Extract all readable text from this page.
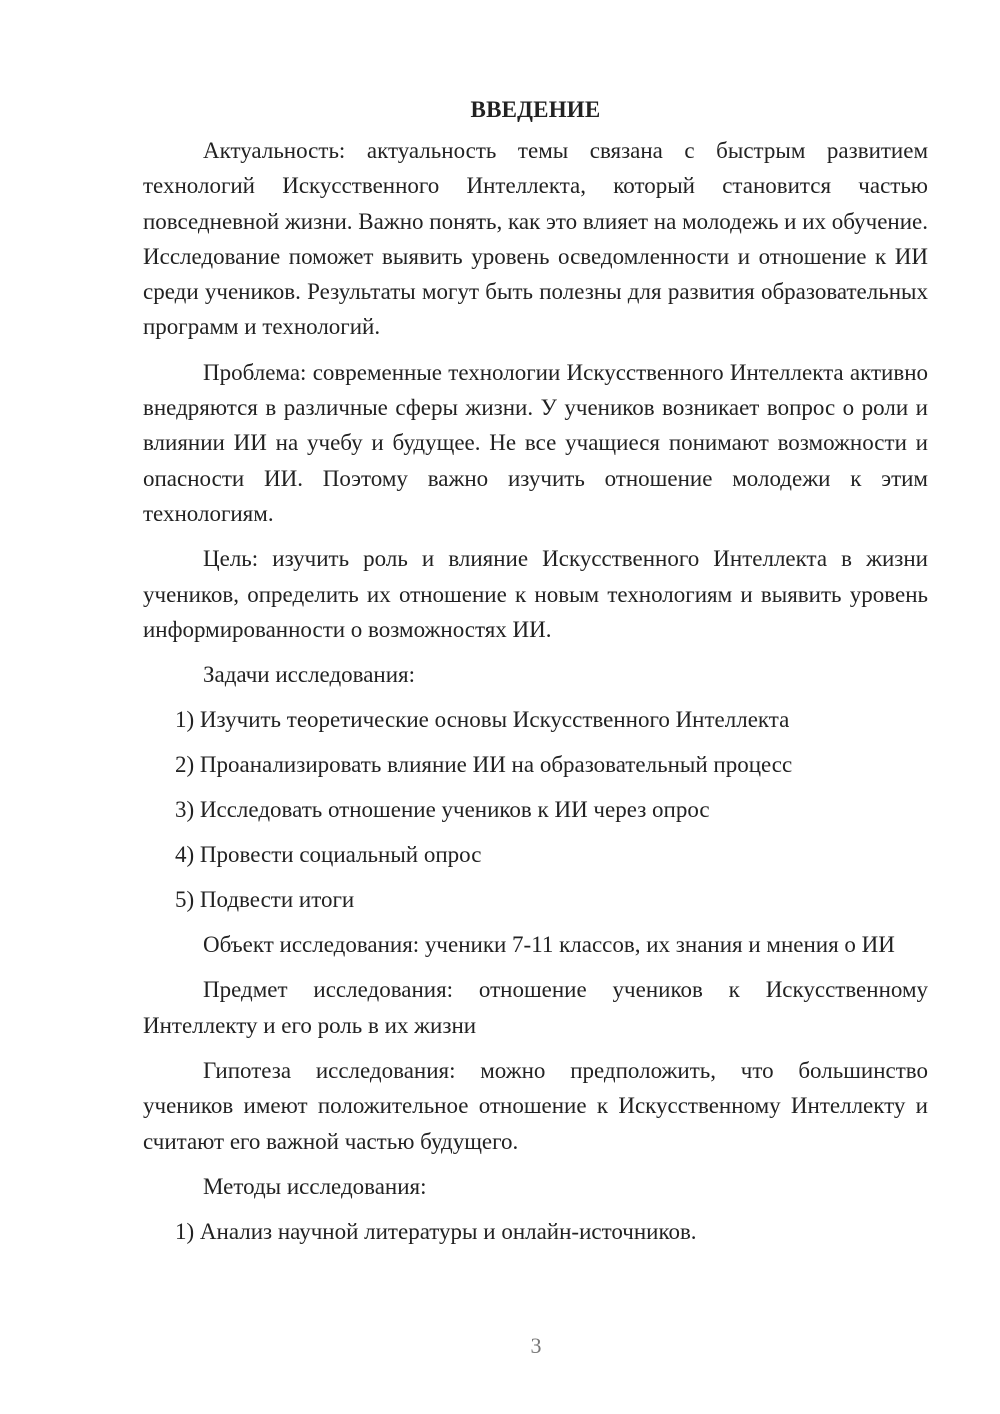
ВВЕДЕНИЕ

Актуальность: актуальность темы связана с быстрым развитием технологий Искусственного Интеллекта, который становится частью повседневной жизни. Важно понять, как это влияет на молодежь и их обучение. Исследование поможет выявить уровень осведомленности и отношение к ИИ среди учеников. Результаты могут быть полезны для развития образовательных программ и технологий.

Проблема: современные технологии Искусственного Интеллекта активно внедряются в различные сферы жизни. У учеников возникает вопрос о роли и влиянии ИИ на учебу и будущее. Не все учащиеся понимают возможности и опасности ИИ. Поэтому важно изучить отношение молодежи к этим технологиям.

Цель: изучить роль и влияние Искусственного Интеллекта в жизни учеников, определить их отношение к новым технологиям и выявить уровень информированности о возможностях ИИ.

Задачи исследования:

1) Изучить теоретические основы Искусственного Интеллекта
2) Проанализировать влияние ИИ на образовательный процесс
3) Исследовать отношение учеников к ИИ через опрос
4) Провести социальный опрос
5) Подвести итоги

Объект исследования: ученики 7-11 классов, их знания и мнения о ИИ

Предмет исследования: отношение учеников к Искусственному Интеллекту и его роль в их жизни

Гипотеза исследования: можно предположить, что большинство учеников имеют положительное отношение к Искусственному Интеллекту и считают его важной частью будущего.

Методы исследования:

1) Анализ научной литературы и онлайн-источников.
3
